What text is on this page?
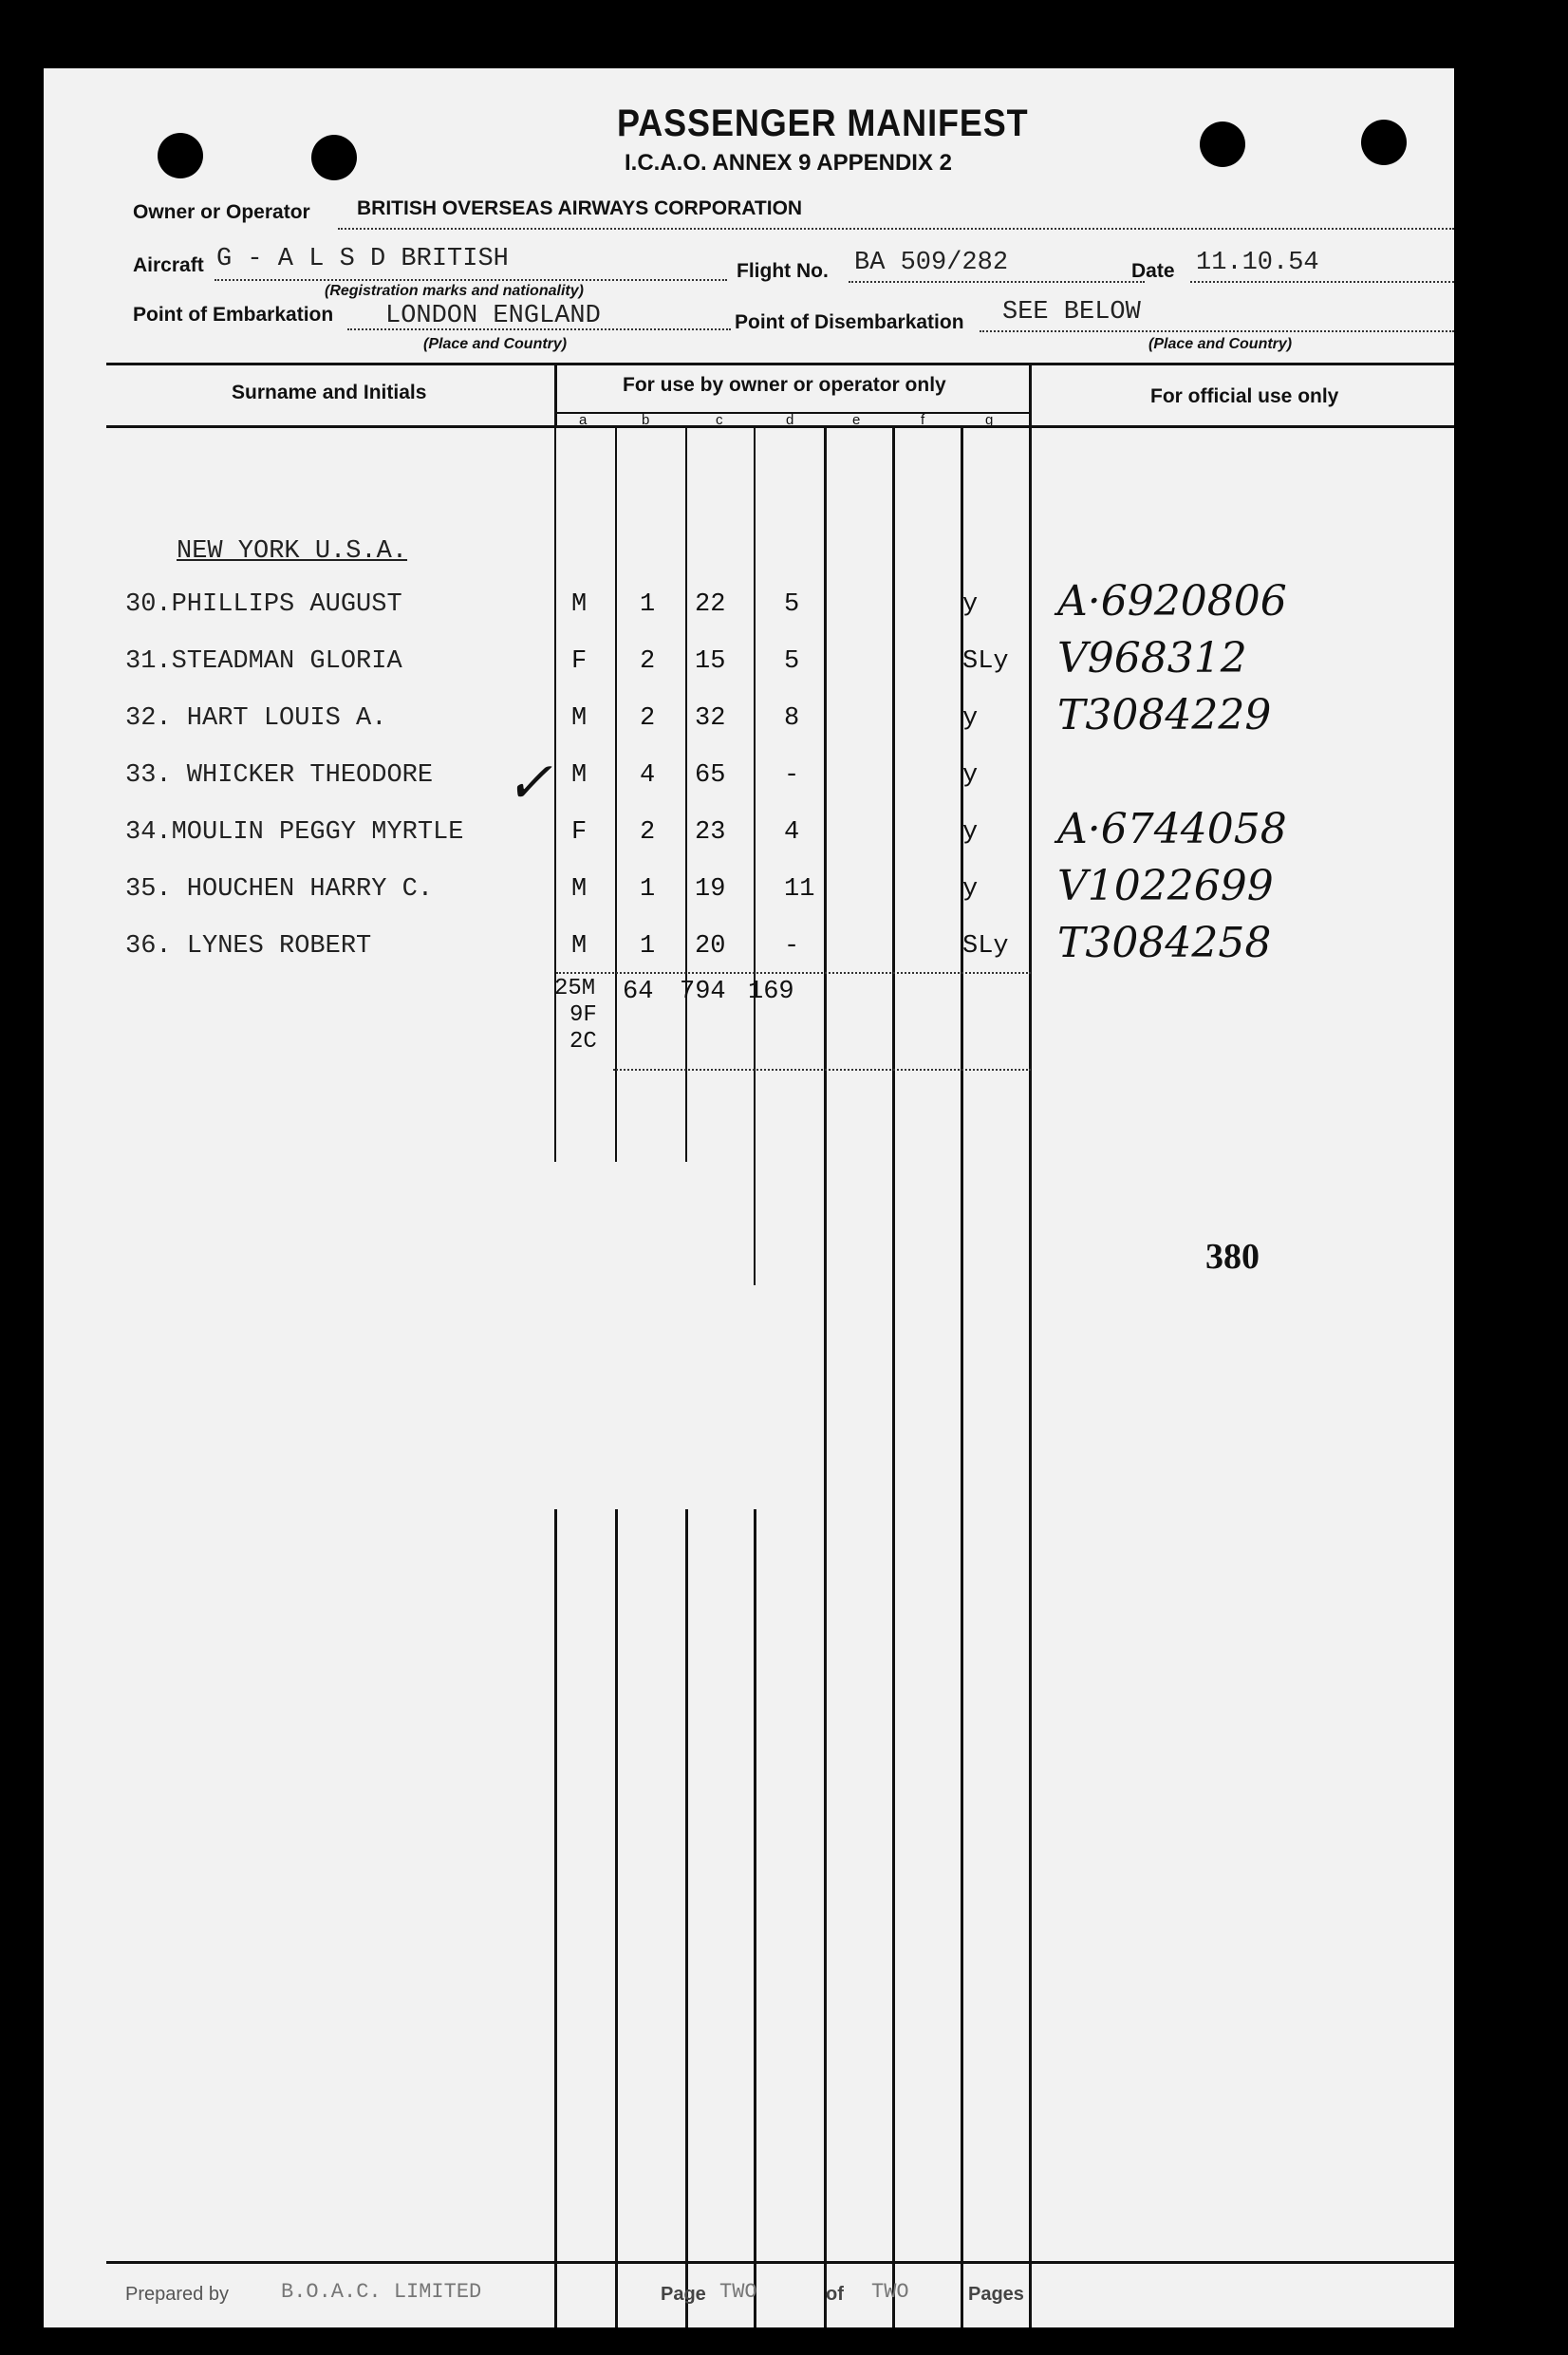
PASSENGER MANIFEST
I.C.A.O. ANNEX 9 APPENDIX 2
Owner or Operator BRITISH OVERSEAS AIRWAYS CORPORATION
Aircraft G - A L S D BRITISH
(Registration marks and nationality)
Flight No. BA 509/282	Date 11.10.54
Point of Embarkation LONDON ENGLAND	Point of Disembarkation SEE BELOW
(Place and Country)	(Place and Country)
Surname and Initials	For use by owner or operator only
For official use only
a	b	c	d	e	f	g
NEW YORK U.S.A.
30.PHILLIPS AUGUST	M 1 22 5	y A·6920806
31.STEADMAN GLORIA	F 2 15 5	SLy V968312
32. HART LOUIS A.	M 2 32 8	y T3084229
33. WHICKER THEODORE	M 4 65 -	y
34.MOULIN PEGGY MYRTLE	F 2 23 4	y A·6744058
35. HOUCHEN HARRY C.	M 1 19 11	y V1022699
36. LYNES ROBERT	M 1 20 -	SLy T3084258
✓
25M
9F
2C
64 794 169
380
Prepared by	B.O.A.C. LIMITED	Page TWO	of TWO	Pages
